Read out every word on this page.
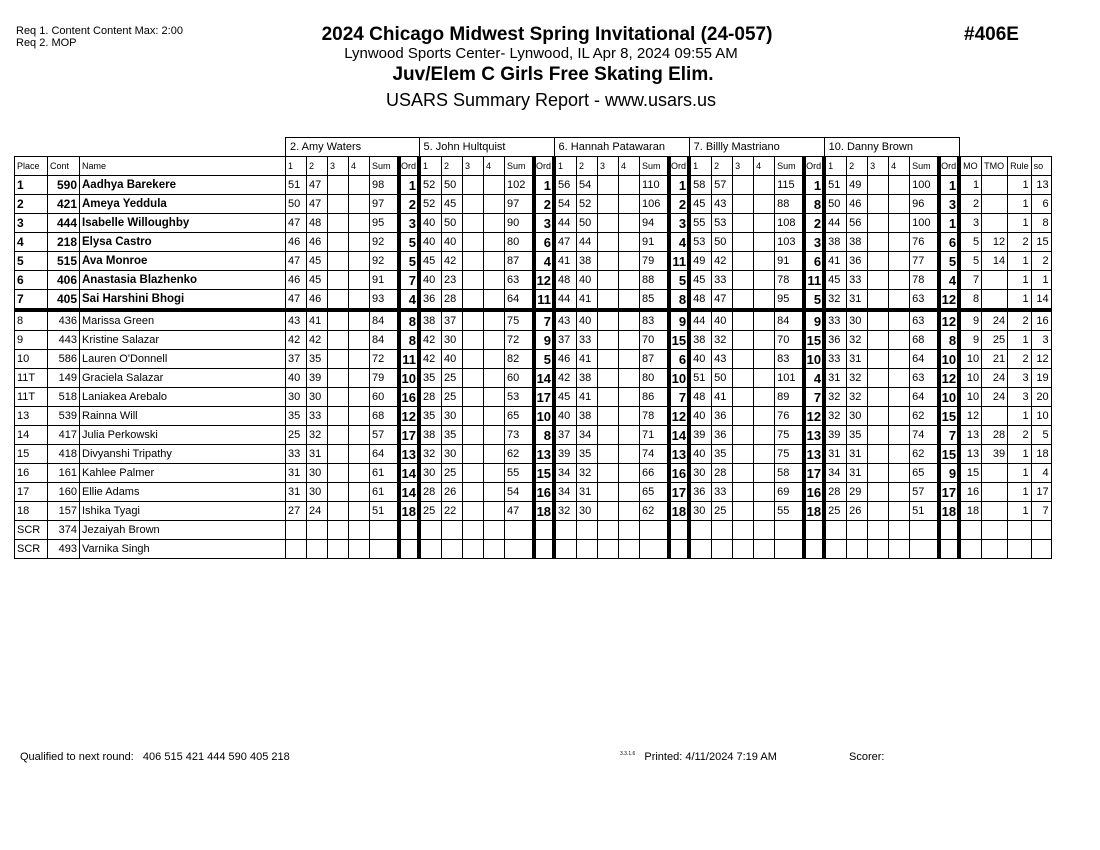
Req 1. Content Content Max: 2:00
Req 2. MOP	2024 Chicago Midwest Spring Invitational (24-057)
Lynwood Sports Center- Lynwood, IL Apr 8, 2024 09:55 AM
Juv/Elem C Girls Free Skating Elim.
USARS Summary Report - www.usars.us
#406E
			2. Amy Waters						5. John Hultquist						6. Hannah Patawaran						7. Billly Mastriano						10. Danny Brown									
Place	Cont	Name	1	2	3	4	Sum	Ord	1	2	3	4	Sum	Ord	1	2	3	4	Sum	Ord	1	2	3	4	Sum	Ord	1	2	3	4	Sum	Ord	MO	TMO	Rule	so
1	590	Aadhya Barekere	51	47			98	1	52	50			102	1	56	54			110	1	58	57			115	1	51	49			100	1	1		1	13
2	421	Ameya Yeddula	50	47			97	2	52	45			97	2	54	52			106	2	45	43			88	8	50	46			96	3	2		1	6
3	444	Isabelle Willoughby	47	48			95	3	40	50			90	3	44	50			94	3	55	53			108	2	44	56			100	1	3		1	8
4	218	Elysa Castro	46	46			92	5	40	40			80	6	47	44			91	4	53	50			103	3	38	38			76	6	5	12	2	15
5	515	Ava Monroe	47	45			92	5	45	42			87	4	41	38			79	11	49	42			91	6	41	36			77	5	5	14	1	2
6	406	Anastasia Blazhenko	46	45			91	7	40	23			63	12	48	40			88	5	45	33			78	11	45	33			78	4	7		1	1
7	405	Sai Harshini Bhogi	47	46			93	4	36	28			64	11	44	41			85	8	48	47			95	5	32	31			63	12	8		1	14
8	436	Marissa Green	43	41			84	8	38	37			75	7	43	40			83	9	44	40			84	9	33	30			63	12	9	24	2	16
9	443	Kristine Salazar	42	42			84	8	42	30			72	9	37	33			70	15	38	32			70	15	36	32			68	8	9	25	1	3
10	586	Lauren O'Donnell	37	35			72	11	42	40			82	5	46	41			87	6	40	43			83	10	33	31			64	10	10	21	2	12
11T	149	Graciela Salazar	40	39			79	10	35	25			60	14	42	38			80	10	51	50			101	4	31	32			63	12	10	24	3	19
11T	518	Laniakea Arebalo	30	30			60	16	28	25			53	17	45	41			86	7	48	41			89	7	32	32			64	10	10	24	3	20
13	539	Rainna Will	35	33			68	12	35	30			65	10	40	38			78	12	40	36			76	12	32	30			62	15	12		1	10
14	417	Julia Perkowski	25	32			57	17	38	35			73	8	37	34			71	14	39	36			75	13	39	35			74	7	13	28	2	5
15	418	Divyanshi Tripathy	33	31			64	13	32	30			62	13	39	35			74	13	40	35			75	13	31	31			62	15	13	39	1	18
16	161	Kahlee Palmer	31	30			61	14	30	25			55	15	34	32			66	16	30	28			58	17	34	31			65	9	15		1	4
17	160	Ellie Adams	31	30			61	14	28	26			54	16	34	31			65	17	36	33			69	16	28	29			57	17	16		1	17
18	157	Ishika Tyagi	27	24			51	18	25	22			47	18	32	30			62	18	30	25			55	18	25	26			51	18	18		1	7
SCR	374	Jezaiyah Brown																																		
SCR	493	Varnika Singh																																		
Qualified to next round: 406 515 421 444 590 405 218	$^{3.3.1.6}$ Printed: 4/11/2024 7:19 AM	Scorer:
